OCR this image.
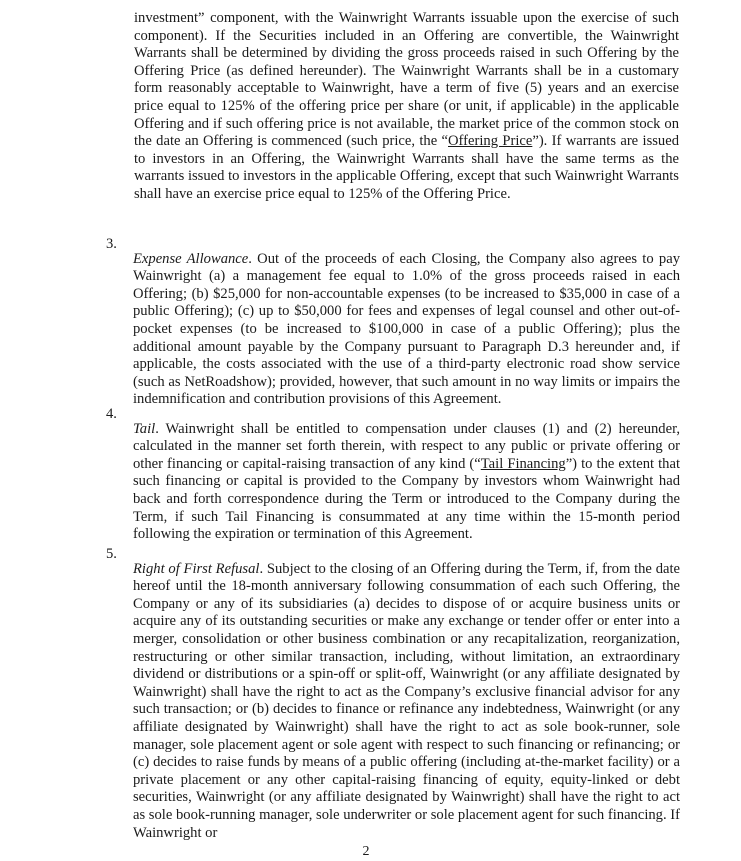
investment” component, with the Wainwright Warrants issuable upon the exercise of such component). If the Securities included in an Offering are convertible, the Wainwright Warrants shall be determined by dividing the gross proceeds raised in such Offering by the Offering Price (as defined hereunder). The Wainwright Warrants shall be in a customary form reasonably acceptable to Wainwright, have a term of five (5) years and an exercise price equal to 125% of the offering price per share (or unit, if applicable) in the applicable Offering and if such offering price is not available, the market price of the common stock on the date an Offering is commenced (such price, the “Offering Price”). If warrants are issued to investors in an Offering, the Wainwright Warrants shall have the same terms as the warrants issued to investors in the applicable Offering, except that such Wainwright Warrants shall have an exercise price equal to 125% of the Offering Price.

3.

Expense Allowance. Out of the proceeds of each Closing, the Company also agrees to pay Wainwright (a) a management fee equal to 1.0% of the gross proceeds raised in each Offering; (b) $25,000 for non-accountable expenses (to be increased to $35,000 in case of a public Offering); (c) up to $50,000 for fees and expenses of legal counsel and other out-of-pocket expenses (to be increased to $100,000 in case of a public Offering); plus the additional amount payable by the Company pursuant to Paragraph D.3 hereunder and, if applicable, the costs associated with the use of a third-party electronic road show service (such as NetRoadshow); provided, however, that such amount in no way limits or impairs the indemnification and contribution provisions of this Agreement.

4.

Tail. Wainwright shall be entitled to compensation under clauses (1) and (2) hereunder, calculated in the manner set forth therein, with respect to any public or private offering or other financing or capital-raising transaction of any kind (“Tail Financing”) to the extent that such financing or capital is provided to the Company by investors whom Wainwright had back and forth correspondence during the Term or introduced to the Company during the Term, if such Tail Financing is consummated at any time within the 15-month period following the expiration or termination of this Agreement.

5.

Right of First Refusal. Subject to the closing of an Offering during the Term, if, from the date hereof until the 18-month anniversary following consummation of each such Offering, the Company or any of its subsidiaries (a) decides to dispose of or acquire business units or acquire any of its outstanding securities or make any exchange or tender offer or enter into a merger, consolidation or other business combination or any recapitalization, reorganization, restructuring or other similar transaction, including, without limitation, an extraordinary dividend or distributions or a spin-off or split-off, Wainwright (or any affiliate designated by Wainwright) shall have the right to act as the Company’s exclusive financial advisor for any such transaction; or (b) decides to finance or refinance any indebtedness, Wainwright (or any affiliate designated by Wainwright) shall have the right to act as sole book-runner, sole manager, sole placement agent or sole agent with respect to such financing or refinancing; or (c) decides to raise funds by means of a public offering (including at-the-market facility) or a private placement or any other capital-raising financing of equity, equity-linked or debt securities, Wainwright (or any affiliate designated by Wainwright) shall have the right to act as sole book-running manager, sole underwriter or sole placement agent for such financing. If Wainwright or

2
